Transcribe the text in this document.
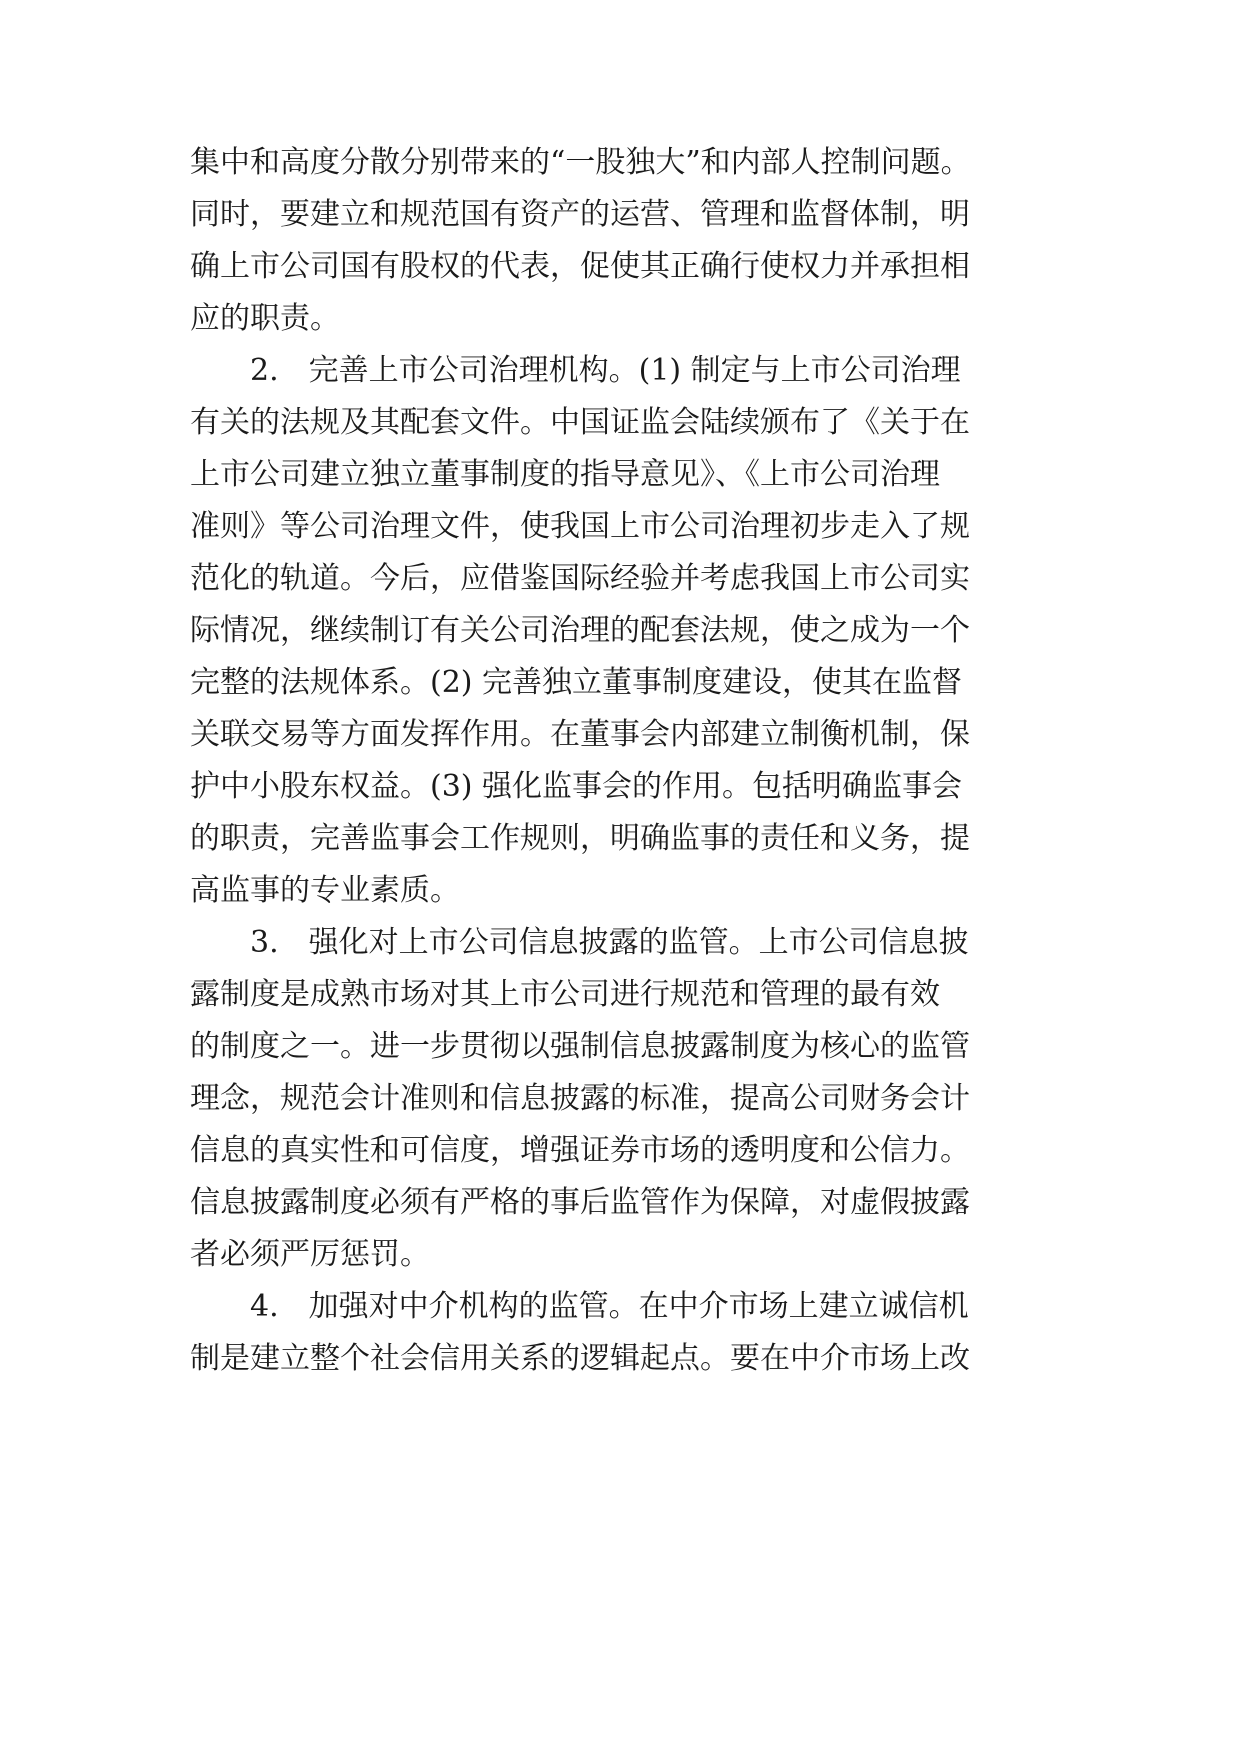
集中和高度分散分别带来的“一股独大”和内部人控制问题。
同时，要建立和规范国有资产的运营、管理和监督体制，明
确上市公司国有股权的代表，促使其正确行使权力并承担相
应的职责。
　　2.　完善上市公司治理机构。(1) 制定与上市公司治理
有关的法规及其配套文件。中国证监会陆续颁布了《关于在
上市公司建立独立董事制度的指导意见》、《上市公司治理
准则》等公司治理文件，使我国上市公司治理初步走入了规
范化的轨道。今后，应借鉴国际经验并考虑我国上市公司实
际情况，继续制订有关公司治理的配套法规，使之成为一个
完整的法规体系。(2) 完善独立董事制度建设，使其在监督
关联交易等方面发挥作用。在董事会内部建立制衡机制，保
护中小股东权益。(3) 强化监事会的作用。包括明确监事会
的职责，完善监事会工作规则，明确监事的责任和义务，提
高监事的专业素质。
　　3.　强化对上市公司信息披露的监管。上市公司信息披
露制度是成熟市场对其上市公司进行规范和管理的最有效
的制度之一。进一步贯彻以强制信息披露制度为核心的监管
理念，规范会计准则和信息披露的标准，提高公司财务会计
信息的真实性和可信度，增强证券市场的透明度和公信力。
信息披露制度必须有严格的事后监管作为保障，对虚假披露
者必须严厉惩罚。
　　4.　加强对中介机构的监管。在中介市场上建立诚信机
制是建立整个社会信用关系的逻辑起点。要在中介市场上改
